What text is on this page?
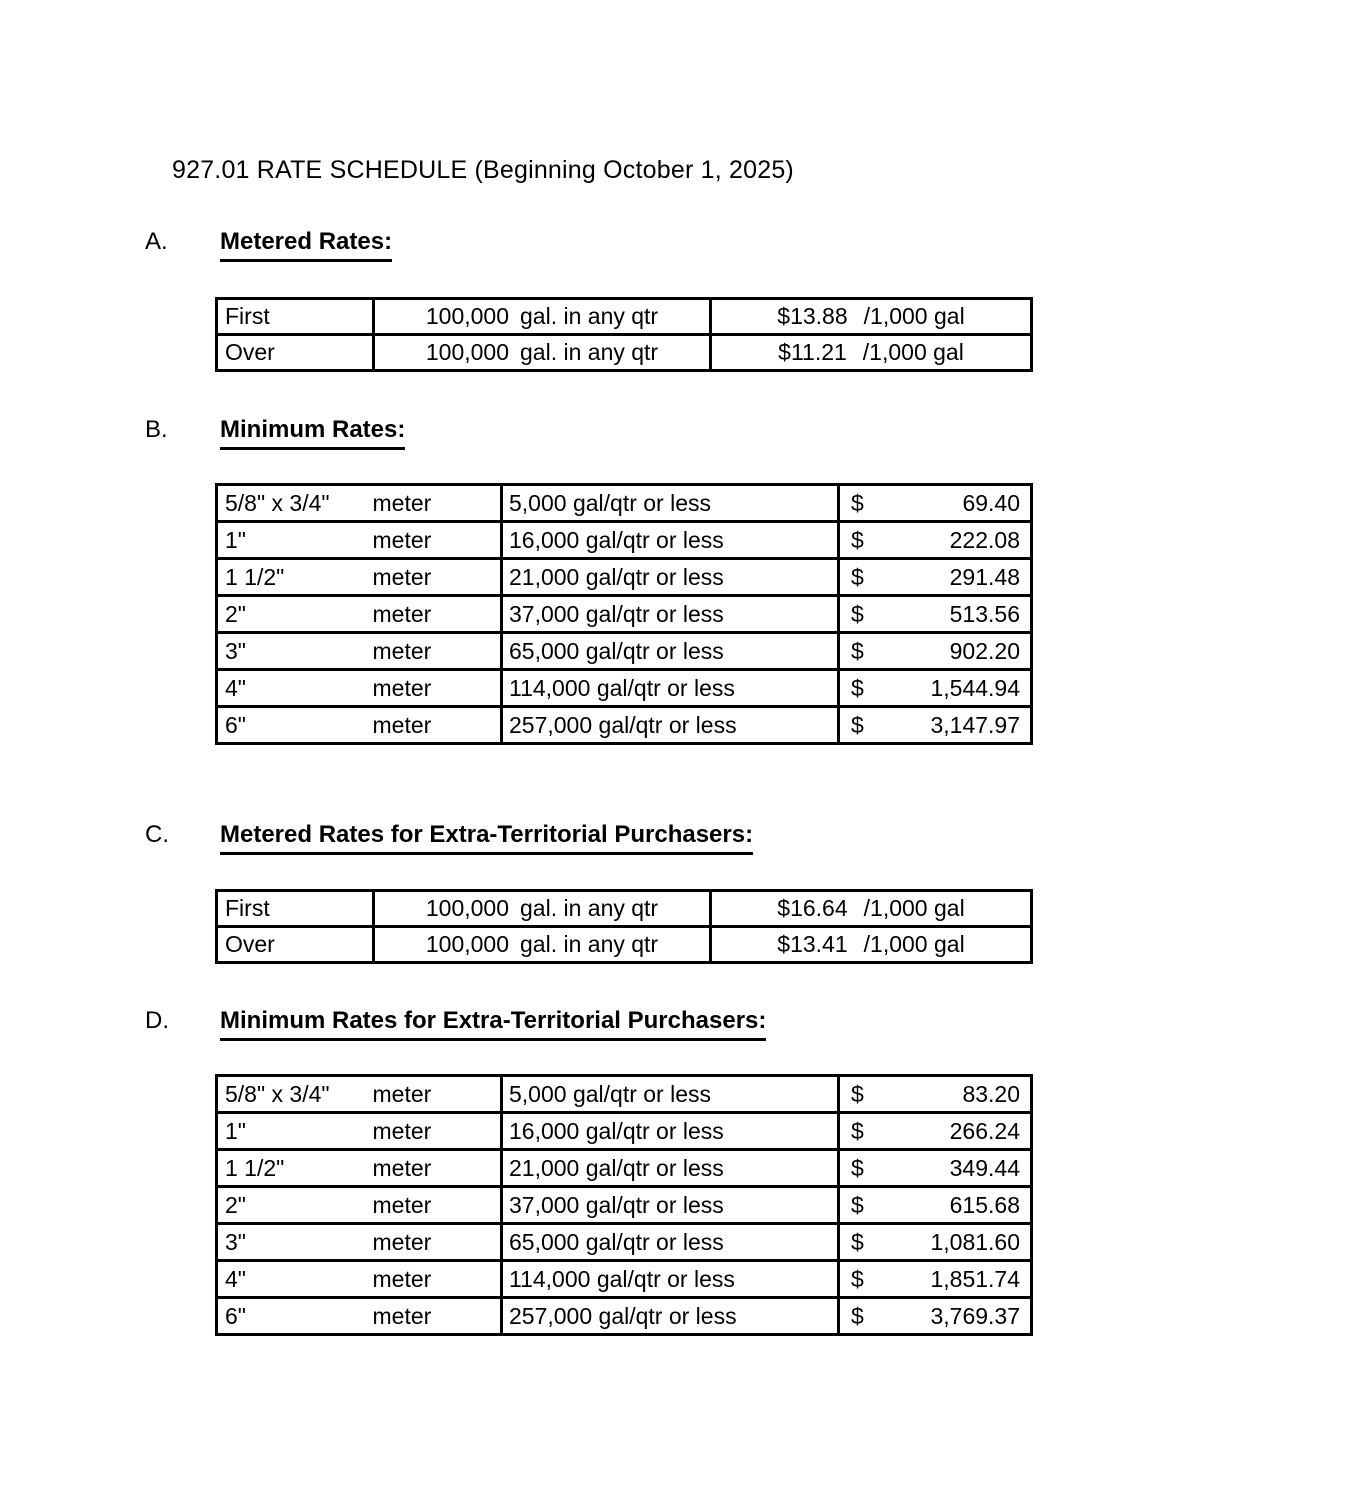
927.01 RATE SCHEDULE (Beginning October 1, 2025)
A. Metered Rates:
First	100,000 gal. in any qtr	$13.88 /1,000 gal
Over	100,000 gal. in any qtr	$11.21 /1,000 gal
B. Minimum Rates:
5/8" x 3/4"	meter	5,000 gal/qtr or less	$ 69.40

1"	meter	16,000 gal/qtr or less	$ 222.08

1 1/2"	meter	21,000 gal/qtr or less	$ 291.48

2"	meter	37,000 gal/qtr or less	$ 513.56

3"	meter	65,000 gal/qtr or less	$ 902.20

4"	meter	114,000 gal/qtr or less	$ 1,544.94

6"	meter	257,000 gal/qtr or less	$ 3,147.97
C. Metered Rates for Extra-Territorial Purchasers:
First	100,000 gal. in any qtr	$16.64 /1,000 gal
Over	100,000 gal. in any qtr	$13.41 /1,000 gal
D. Minimum Rates for Extra-Territorial Purchasers:
5/8" x 3/4"	meter	5,000 gal/qtr or less	$ 83.20

1"	meter	16,000 gal/qtr or less	$ 266.24

1 1/2"	meter	21,000 gal/qtr or less	$ 349.44

2"	meter	37,000 gal/qtr or less	$ 615.68

3"	meter	65,000 gal/qtr or less	$ 1,081.60

4"	meter	114,000 gal/qtr or less	$ 1,851.74

6"	meter	257,000 gal/qtr or less	$ 3,769.37
